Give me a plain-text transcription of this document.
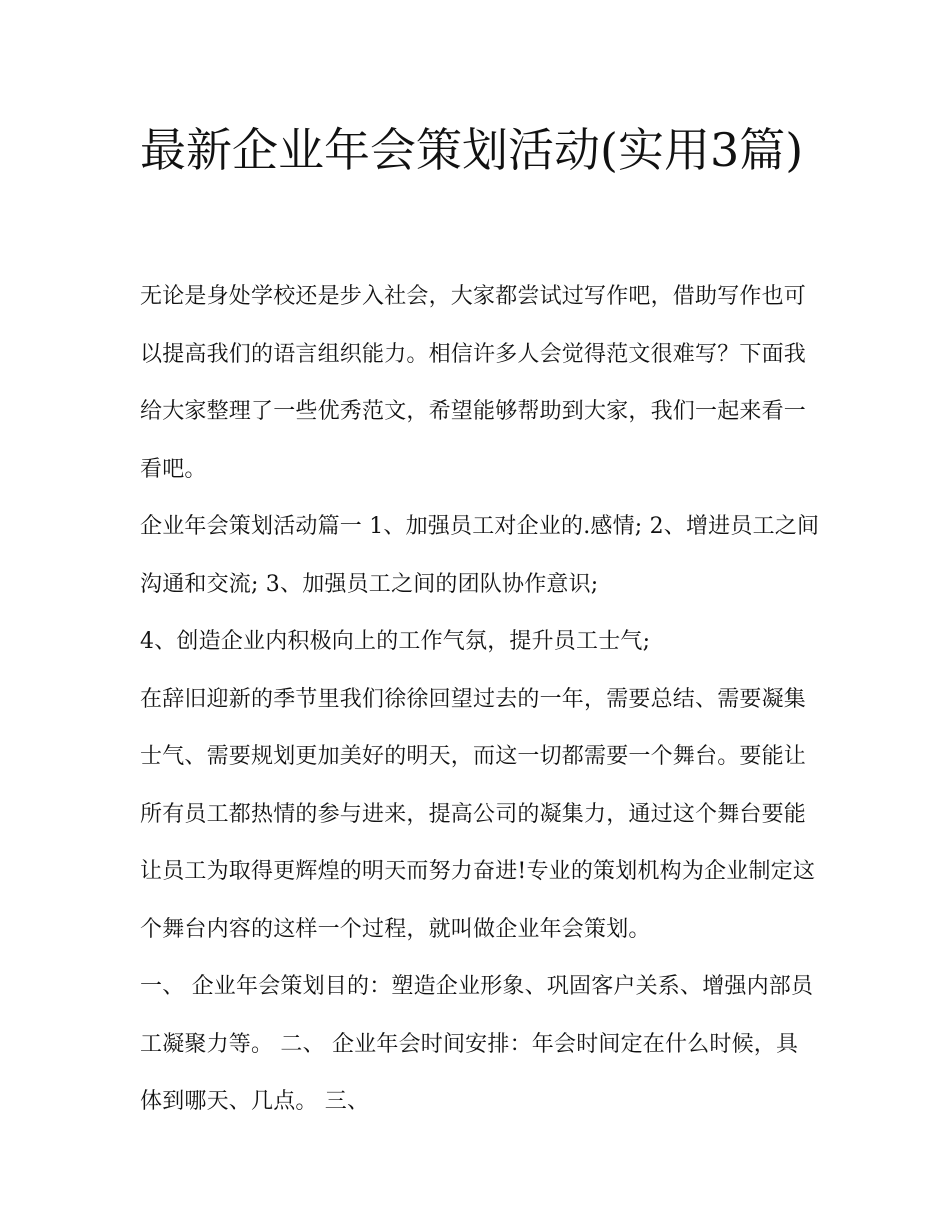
最新企业年会策划活动(实用3篇)

无论是身处学校还是步入社会，大家都尝试过写作吧，借助写作也可以提高我们的语言组织能力。相信许多人会觉得范文很难写？下面我给大家整理了一些优秀范文，希望能够帮助到大家，我们一起来看一看吧。

企业年会策划活动篇一 1、加强员工对企业的.感情; 2、增进员工之间沟通和交流; 3、加强员工之间的团队协作意识;

4、创造企业内积极向上的工作气氛，提升员工士气;

在辞旧迎新的季节里我们徐徐回望过去的一年，需要总结、需要凝集士气、需要规划更加美好的明天，而这一切都需要一个舞台。要能让所有员工都热情的参与进来，提高公司的凝集力，通过这个舞台要能让员工为取得更辉煌的明天而努力奋进!专业的策划机构为企业制定这个舞台内容的这样一个过程，就叫做企业年会策划。

一、 企业年会策划目的：塑造企业形象、巩固客户关系、增强内部员工凝聚力等。 二、 企业年会时间安排：年会时间定在什么时候，具体到哪天、几点。 三、
